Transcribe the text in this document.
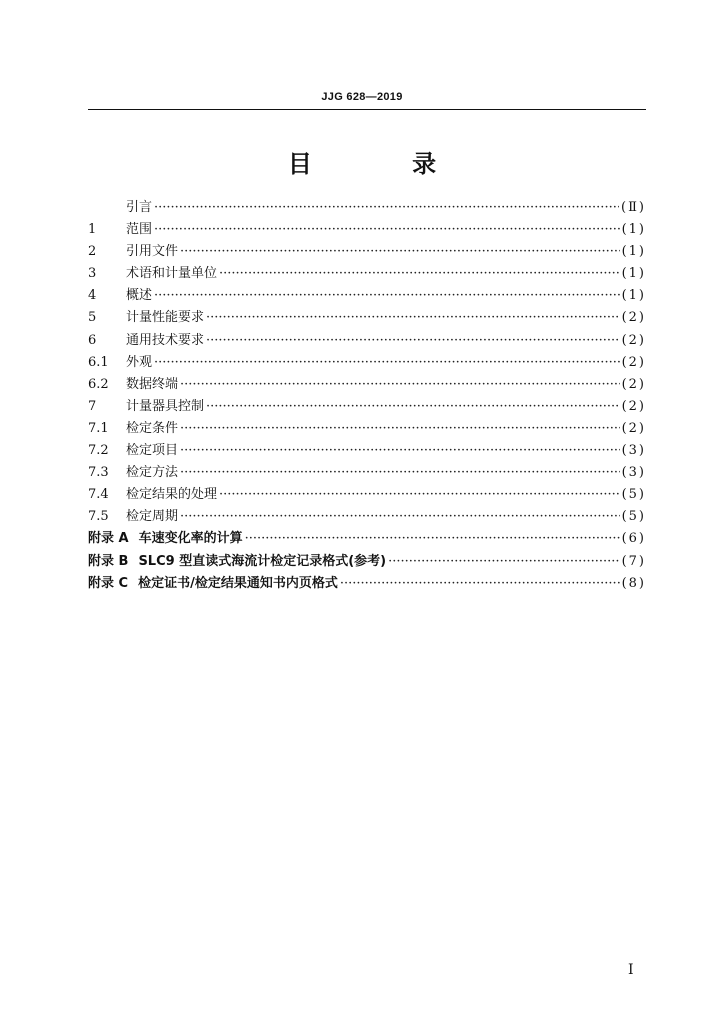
JJG 628—2019
目 录
引言 ·····	(Ⅱ)
1	范围 ·····	(1)
2	引用文件 ·····	(1)
3	术语和计量单位 ·····	(1)
4	概述 ·····	(1)
5	计量性能要求 ·····	(2)
6	通用技术要求 ·····	(2)
6.1	外观 ·····	(2)
6.2	数据终端 ·····	(2)
7	计量器具控制 ·····	(2)
7.1	检定条件 ·····	(2)
7.2	检定项目 ·····	(3)
7.3	检定方法 ·····	(3)
7.4	检定结果的处理 ·····	(5)
7.5	检定周期 ·····	(5)
附录 A 车速变化率的计算 ·····	(6)
附录 B SLC9 型直读式海流计检定记录格式(参考) ·····	(7)
附录 C 检定证书/检定结果通知书内页格式 ·····	(8)
I
